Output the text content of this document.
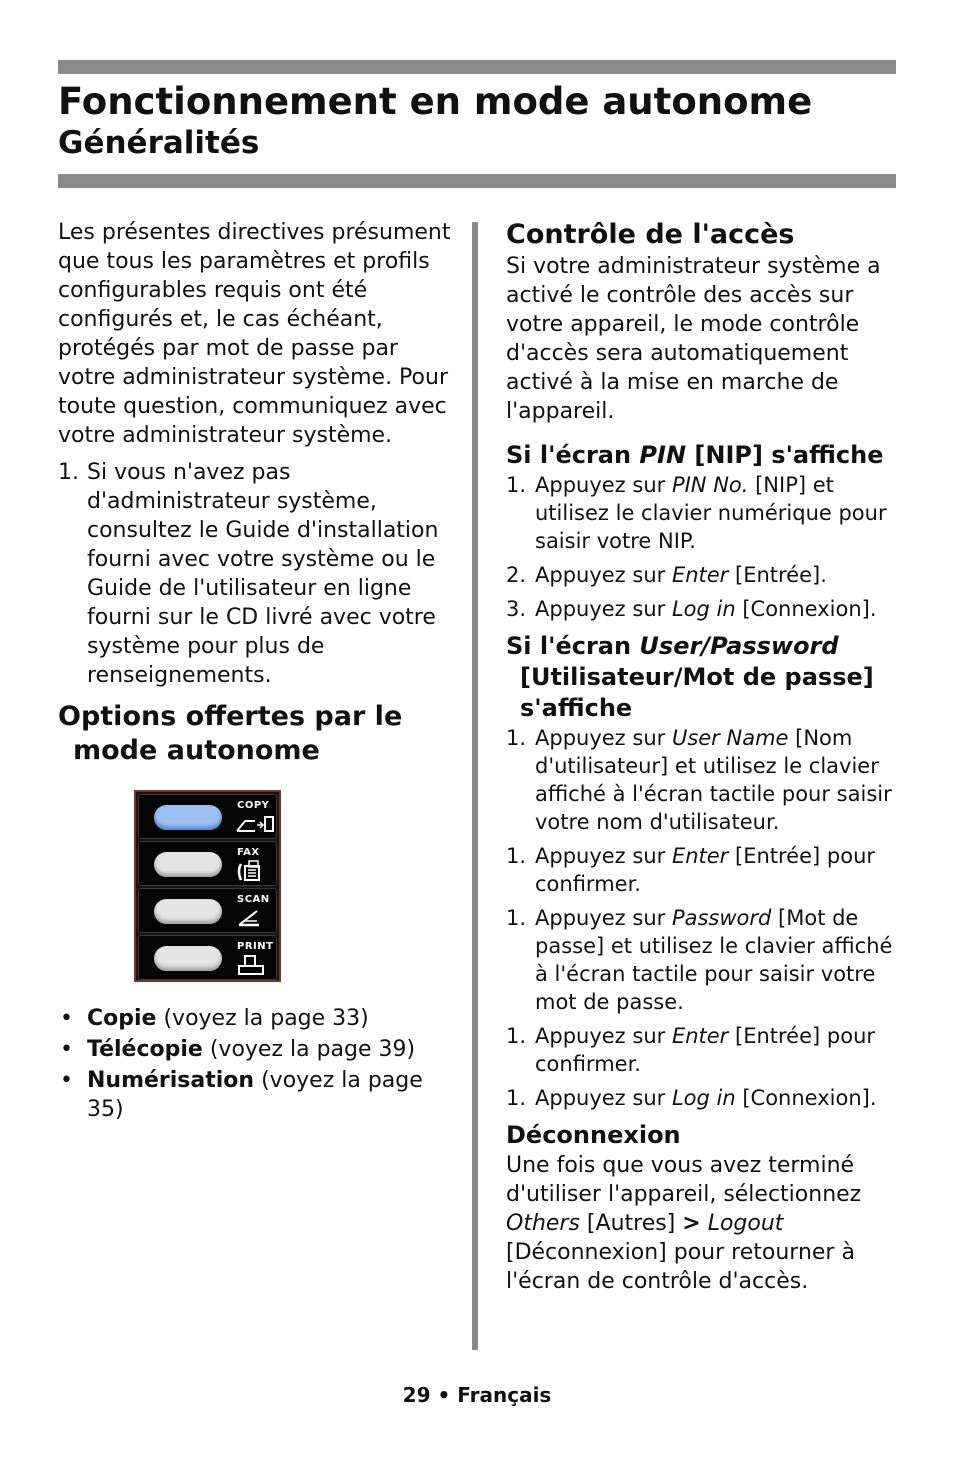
Fonctionnement en mode autonome
Généralités

Les présentes directives présument que tous les paramètres et profils configurables requis ont été configurés et, le cas échéant, protégés par mot de passe par votre administrateur système. Pour toute question, communiquez avec votre administrateur système.

1. Si vous n'avez pas d'administrateur système, consultez le Guide d'installation fourni avec votre système ou le Guide de l'utilisateur en ligne fourni sur le CD livré avec votre système pour plus de renseignements.
Options offertes par le mode autonome
COPY
FAX
SCAN
PRINT
• Copie (voyez la page 33)
• Télécopie (voyez la page 39)
• Numérisation (voyez la page 35)
Contrôle de l'accès

Si votre administrateur système a activé le contrôle des accès sur votre appareil, le mode contrôle d'accès sera automatiquement activé à la mise en marche de l'appareil.

Si l'écran PIN [NIP] s'affiche
1. Appuyez sur PIN No. [NIP] et utilisez le clavier numérique pour saisir votre NIP.
2. Appuyez sur Enter [Entrée].
3. Appuyez sur Log in [Connexion].
Si l'écran User/Password [Utilisateur/Mot de passe] s'affiche
1. Appuyez sur User Name [Nom d'utilisateur] et utilisez le clavier affiché à l'écran tactile pour saisir votre nom d'utilisateur.
1. Appuyez sur Enter [Entrée] pour confirmer.
1. Appuyez sur Password [Mot de passe] et utilisez le clavier affiché à l'écran tactile pour saisir votre mot de passe.
1. Appuyez sur Enter [Entrée] pour confirmer.
1. Appuyez sur Log in [Connexion].
Déconnexion

Une fois que vous avez terminé d'utiliser l'appareil, sélectionnez Others [Autres] > Logout [Déconnexion] pour retourner à l'écran de contrôle d'accès.

29 • Français
